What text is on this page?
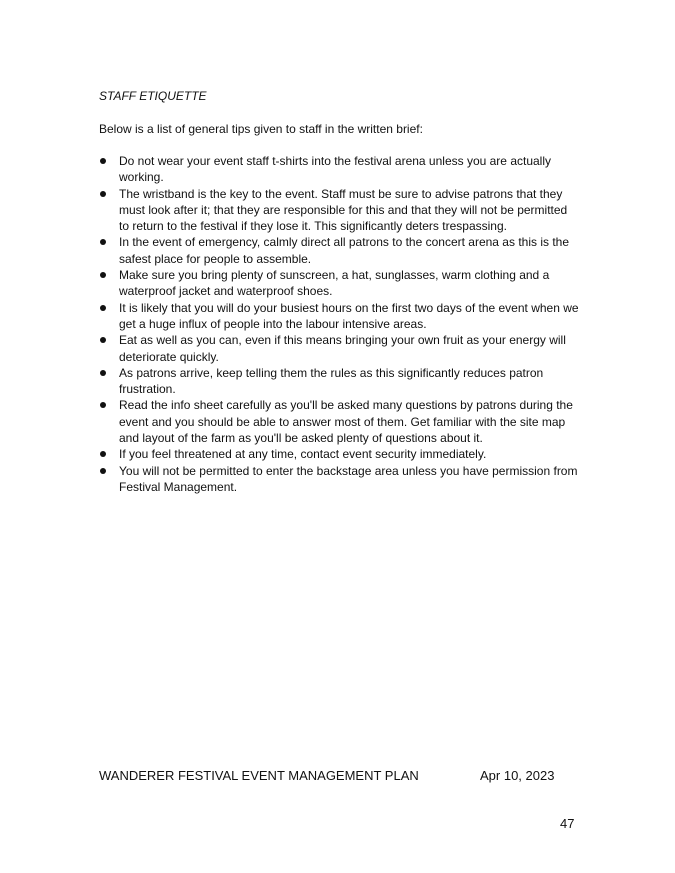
STAFF ETIQUETTE
Below is a list of general tips given to staff in the written brief:
Do not wear your event staff t-shirts into the festival arena unless you are actually working.
The wristband is the key to the event. Staff must be sure to advise patrons that they must look after it; that they are responsible for this and that they will not be permitted to return to the festival if they lose it. This significantly deters trespassing.
In the event of emergency, calmly direct all patrons to the concert arena as this is the safest place for people to assemble.
Make sure you bring plenty of sunscreen, a hat, sunglasses, warm clothing and a waterproof jacket and waterproof shoes.
It is likely that you will do your busiest hours on the first two days of the event when we get a huge influx of people into the labour intensive areas.
Eat as well as you can, even if this means bringing your own fruit as your energy will deteriorate quickly.
As patrons arrive, keep telling them the rules as this significantly reduces patron frustration.
Read the info sheet carefully as you'll be asked many questions by patrons during the event and you should be able to answer most of them. Get familiar with the site map and layout of the farm as you'll be asked plenty of questions about it.
If you feel threatened at any time, contact event security immediately.
You will not be permitted to enter the backstage area unless you have permission from Festival Management.
WANDERER FESTIVAL EVENT MANAGEMENT PLAN	Apr 10, 2023
47
